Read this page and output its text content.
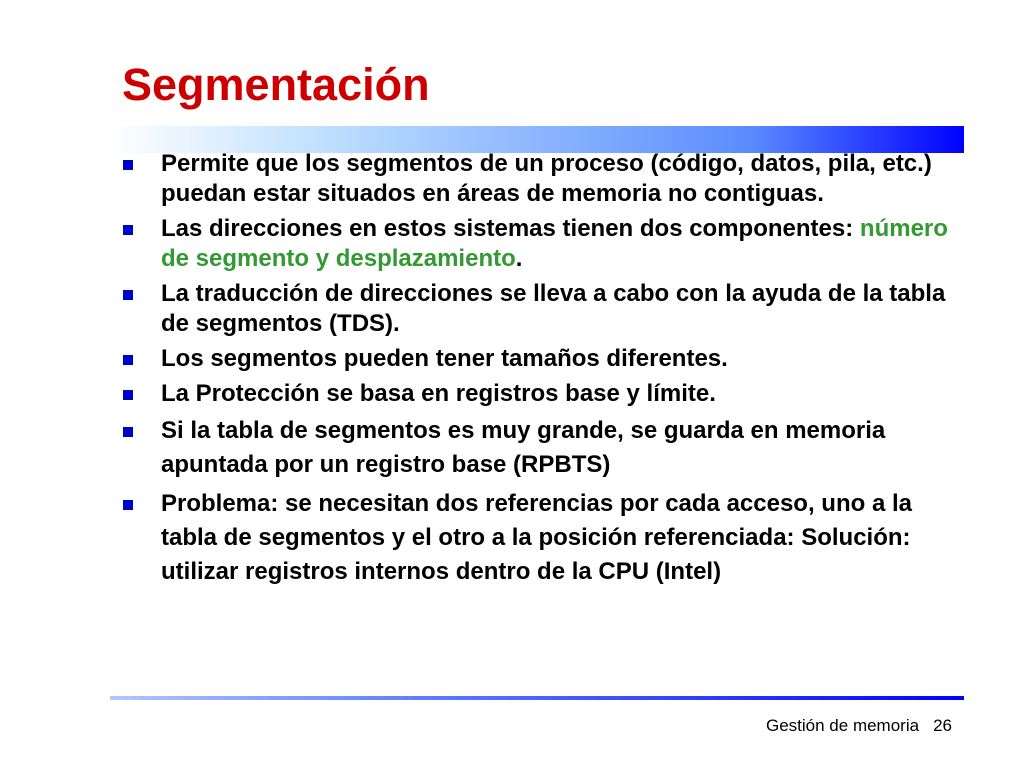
Segmentación
Permite que los segmentos de un proceso (código, datos, pila, etc.) puedan estar situados en áreas de memoria no contiguas.
Las direcciones en estos sistemas tienen dos componentes: número de segmento y desplazamiento.
La traducción de direcciones se lleva a cabo con la ayuda de la tabla de segmentos (TDS).
Los segmentos pueden tener tamaños diferentes.
La Protección se basa en registros base y límite.
Si la tabla de segmentos es muy grande, se guarda en memoria apuntada por un registro base (RPBTS)
Problema: se necesitan dos referencias por cada acceso, uno a la tabla de segmentos y el otro a la posición referenciada: Solución: utilizar registros internos dentro de la CPU (Intel)
Gestión de memoria 26
